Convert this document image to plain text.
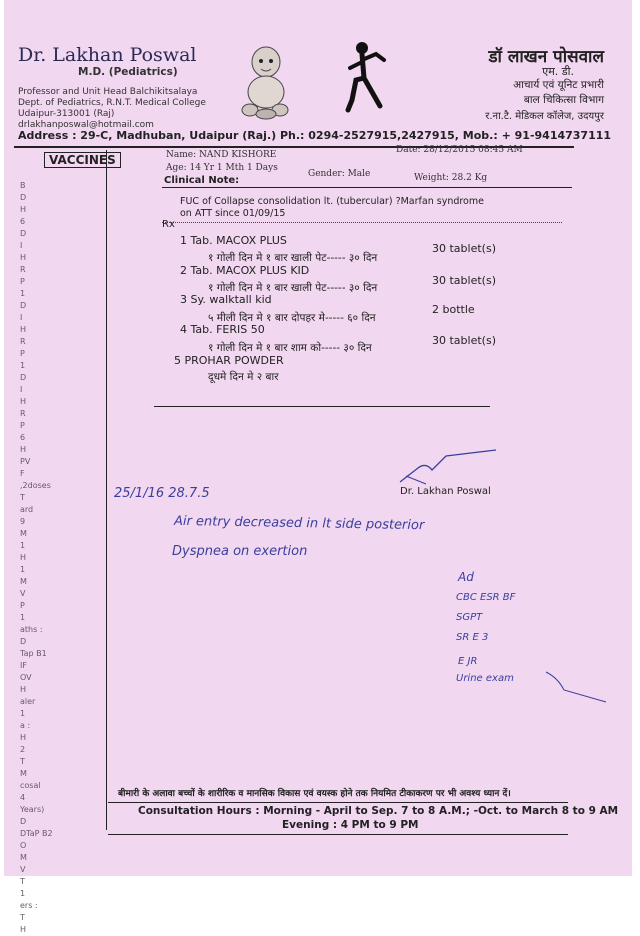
Dr. Lakhan Poswal
M.D. (Pediatrics)
Professor and Unit Head Balchikitsalaya
Dept. of Pediatrics, R.N.T. Medical College
Udaipur-313001 (Raj)
drlakhanposwal@hotmail.com
डॉ लाखन पोसवाल
एम. डी.
आचार्य एवं यूनिट प्रभारी
बाल चिकित्सा विभाग
र.ना.टै. मेडिकल कॉलेज, उदयपुर
Address : 29-C, Madhuban, Udaipur (Raj.) Ph.: 0294-2527915,2427915, Mob.: + 91-9414737111
VACCINES
B
D
H
6
D
I
H
R
P
1
D
I
H
R
P
1
D
I
H
R
P
6
H
PV
F
,2doses
T
ard
9
M
1
H
1
M
V
P
1
aths :
D
Tap B1
IF
OV
H
aler
1
a :
H
2
T
M
cosal
4
Years)
D
DTaP B2
O
M
V
T
1
ers :
T
H
Date: 28/12/2015 08:45 AM
Name: NAND KISHORE
Age: 14 Yr 1 Mth 1 Days
Gender: Male	Weight: 28.2 Kg
Clinical Note:
FUC of Collapse consolidation lt. (tubercular) ?Marfan syndrome
on ATT since 01/09/15
Rx
1 Tab. MACOX PLUS
१ गोली दिन मे १ बार खाली पेट----- ३० दिन
30 tablet(s)
2 Tab. MACOX PLUS KID
१ गोली दिन मे १ बार खाली पेट----- ३० दिन
30 tablet(s)
3 Sy. walktall kid
५ मीली दिन मे १ बार दोपहर मे----- ६० दिन
2 bottle
4 Tab. FERIS 50
१ गोली दिन मे १ बार शाम को----- ३० दिन
30 tablet(s)
5 PROHAR POWDER
दूधमे दिन मे २ बार
Dr. Lakhan Poswal
25/1/16 28.7.5
Air entry decreased in lt side posterior
Dyspnea on exertion
Ad
CBC ESR BF
SGPT
SR E 3
E JR
Urine exam
बीमारी के अलावा बच्चों के शारीरिक व मानसिक विकास एवं वयस्क होने तक नियमित टीकाकरण पर भी अवश्य ध्यान दें।
Consultation Hours : Morning - April to Sep. 7 to 8 A.M.; -Oct. to March 8 to 9 AM
Evening : 4 PM to 9 PM
